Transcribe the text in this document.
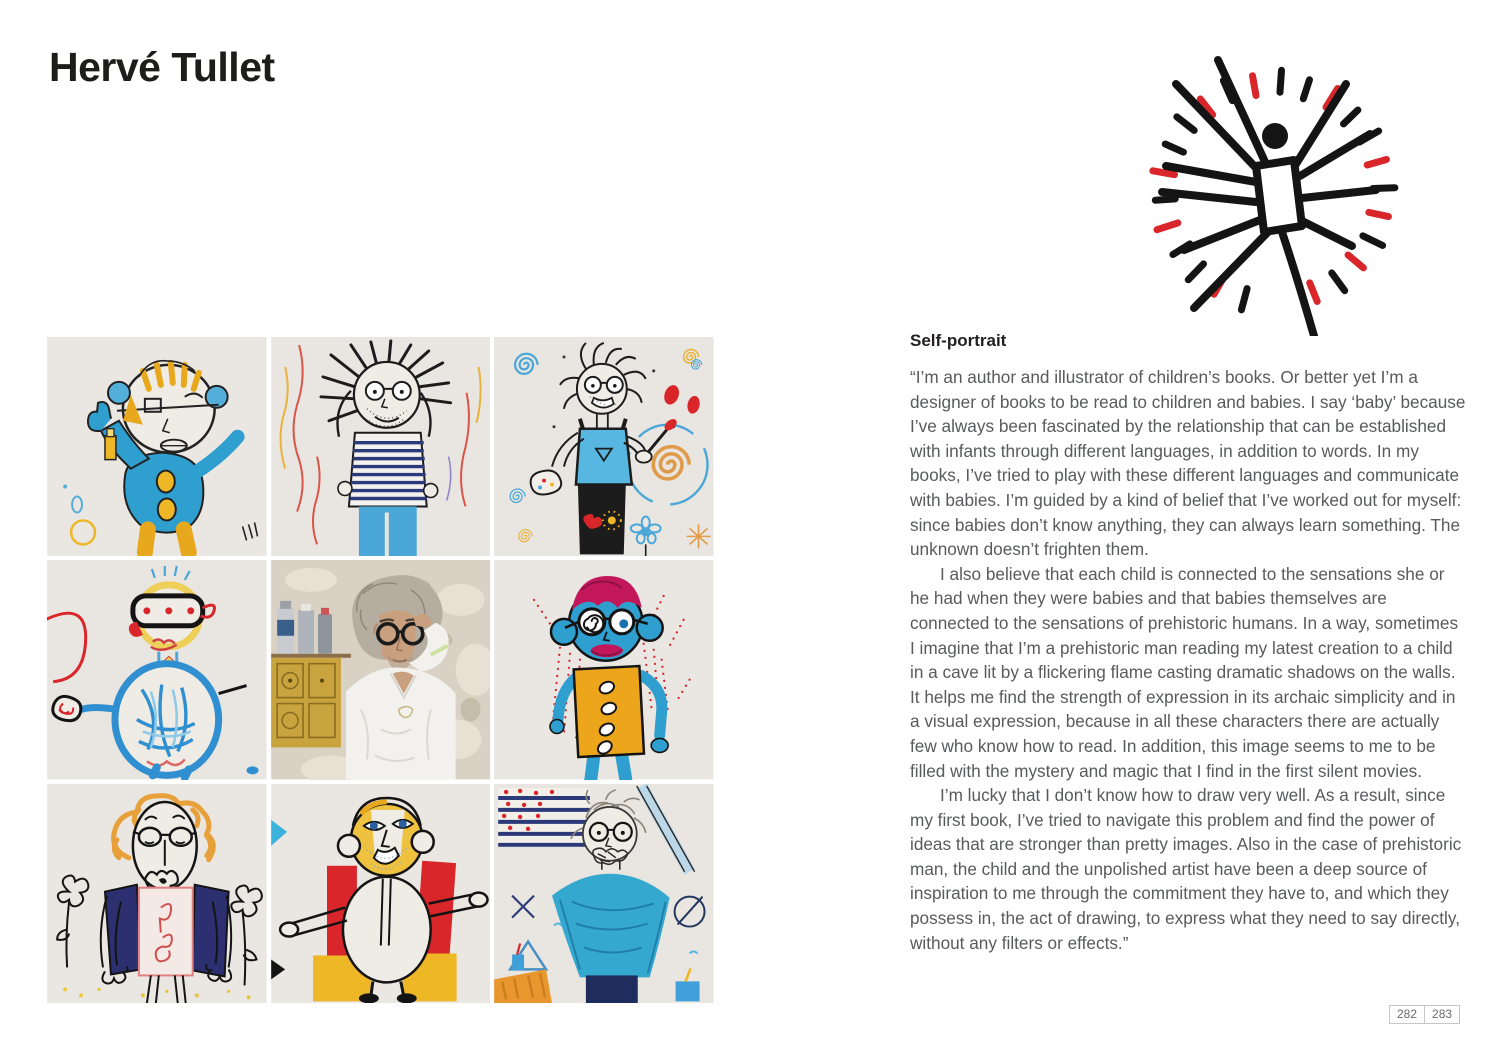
Hervé Tullet
Self-portrait

“I’m an author and illustrator of children’s books. Or better yet I’m a designer of books to be read to children and babies. I say ‘baby’ because I’ve always been fascinated by the relationship that can be established with infants through different languages, in addition to words. In my books, I’ve tried to play with these different languages and communicate with babies. I’m guided by a kind of belief that I’ve worked out for myself: since babies don’t know anything, they can always learn something. The unknown doesn’t frighten them.

I also believe that each child is connected to the sensations she or he had when they were babies and that babies themselves are connected to the sensations of prehistoric humans. In a way, sometimes I imagine that I’m a prehistoric man reading my latest creation to a child in a cave lit by a flickering flame casting dramatic shadows on the walls. It helps me find the strength of expression in its archaic simplicity and in a visual expression, because in all these characters there are actually few who know how to read. In addition, this image seems to me to be filled with the mystery and magic that I find in the first silent movies.

I’m lucky that I don’t know how to draw very well. As a result, since my first book, I’ve tried to navigate this problem and find the power of ideas that are stronger than pretty images. Also in the case of prehistoric man, the child and the unpolished artist have been a deep source of inspiration to me through the commitment they have to, and which they possess in, the act of drawing, to express what they need to say directly, without any filters or effects.”

282	283
